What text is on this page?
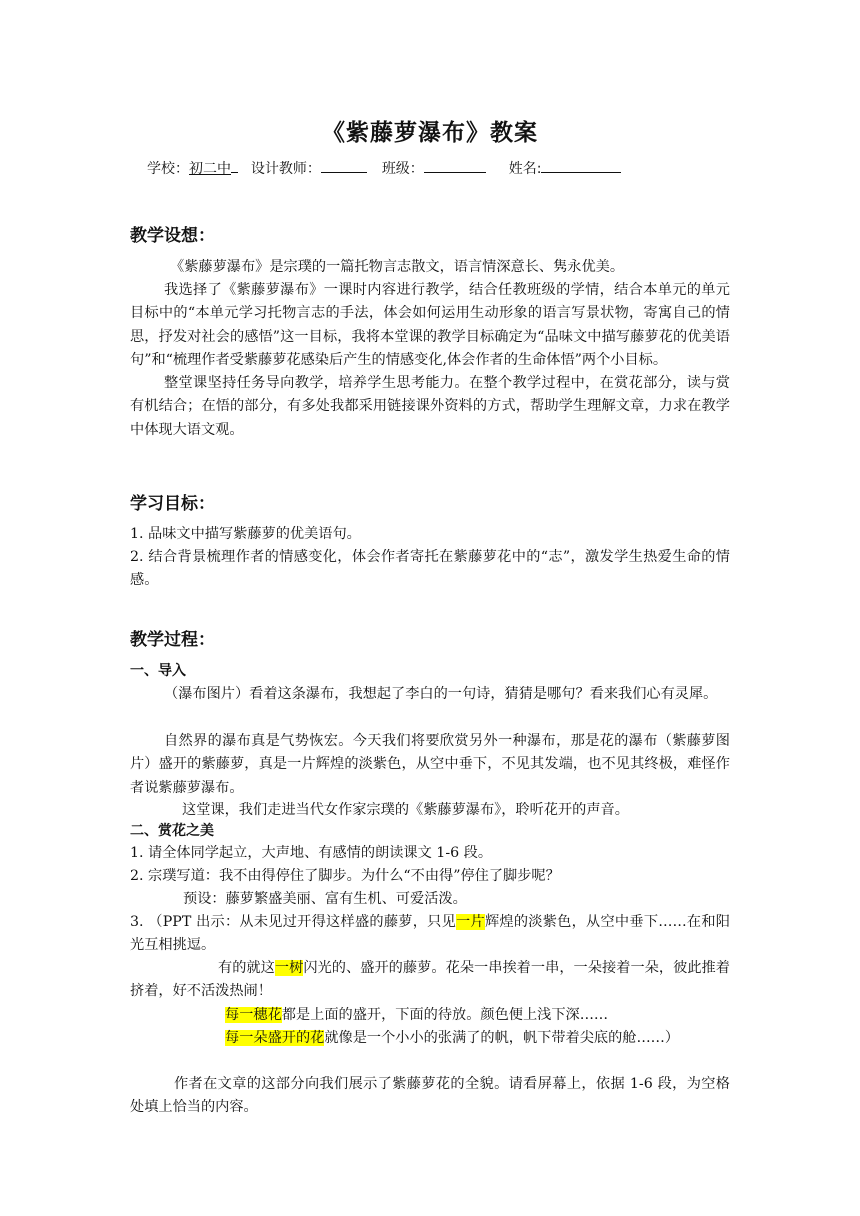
《紫藤萝瀑布》教案
学校：初二中 设计教师：	班级：	姓名:
教学设想：
《紫藤萝瀑布》是宗璞的一篇托物言志散文，语言情深意长、隽永优美。
我选择了《紫藤萝瀑布》一课时内容进行教学，结合任教班级的学情，结合本单元的单元目标中的“本单元学习托物言志的手法，体会如何运用生动形象的语言写景状物，寄寓自己的情思，抒发对社会的感悟”这一目标，我将本堂课的教学目标确定为“品味文中描写藤萝花的优美语句”和“梳理作者受紫藤萝花感染后产生的情感变化,体会作者的生命体悟”两个小目标。
整堂课坚持任务导向教学，培养学生思考能力。在整个教学过程中，在赏花部分，读与赏有机结合；在悟的部分，有多处我都采用链接课外资料的方式，帮助学生理解文章，力求在教学中体现大语文观。
学习目标：
1. 品味文中描写紫藤萝的优美语句。
2. 结合背景梳理作者的情感变化，体会作者寄托在紫藤萝花中的“志”，激发学生热爱生命的情感。
教学过程：
一、导入
（瀑布图片）看着这条瀑布，我想起了李白的一句诗，猜猜是哪句？看来我们心有灵犀。
自然界的瀑布真是气势恢宏。今天我们将要欣赏另外一种瀑布，那是花的瀑布（紫藤萝图片）盛开的紫藤萝，真是一片辉煌的淡紫色，从空中垂下，不见其发端，也不见其终极，难怪作者说紫藤萝瀑布。
这堂课，我们走进当代女作家宗璞的《紫藤萝瀑布》，聆听花开的声音。
二、赏花之美
1. 请全体同学起立，大声地、有感情的朗读课文 1-6 段。
2. 宗璞写道：我不由得停住了脚步。为什么“不由得”停住了脚步呢？
预设：藤萝繁盛美丽、富有生机、可爱活泼。
3. （PPT 出示：从未见过开得这样盛的藤萝，只见一片辉煌的淡紫色，从空中垂下……在和阳光互相挑逗。
有的就这一树闪光的、盛开的藤萝。花朵一串挨着一串，一朵接着一朵，彼此推着挤着，好不活泼热闹！
每一穗花都是上面的盛开，下面的待放。颜色便上浅下深……
每一朵盛开的花就像是一个小小的张满了的帆，帆下带着尖底的舱……）
作者在文章的这部分向我们展示了紫藤萝花的全貌。请看屏幕上，依据 1-6 段，为空格处填上恰当的内容。
